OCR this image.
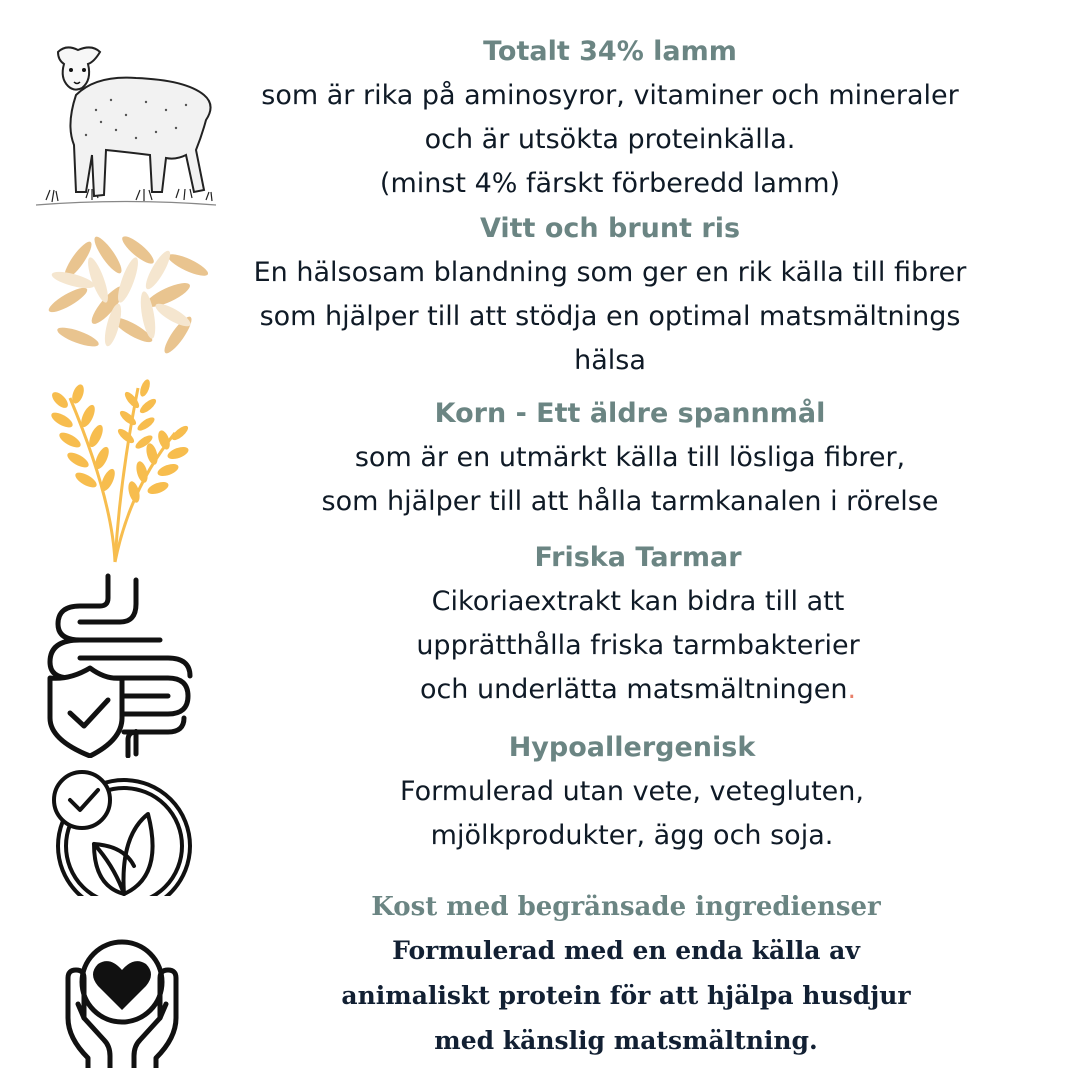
Totalt 34% lamm
som är rika på aminosyror, vitaminer och mineraler
och är utsökta proteinkälla.
(minst 4% färskt förberedd lamm)
Vitt och brunt ris
En hälsosam blandning som ger en rik källa till fibrer
som hjälper till att stödja en optimal matsmältnings
hälsa
Korn - Ett äldre spannmål
som är en utmärkt källa till lösliga fibrer,
som hjälper till att hålla tarmkanalen i rörelse
Friska Tarmar
Cikoriaextrakt kan bidra till att
upprätthålla friska tarmbakterier
och underlätta matsmältningen.
Hypoallergenisk
Formulerad utan vete, vetegluten,
mjölkprodukter, ägg och soja.
Kost med begränsade ingredienser
Formulerad med en enda källa av
animaliskt protein för att hjälpa husdjur
med känslig matsmältning.
